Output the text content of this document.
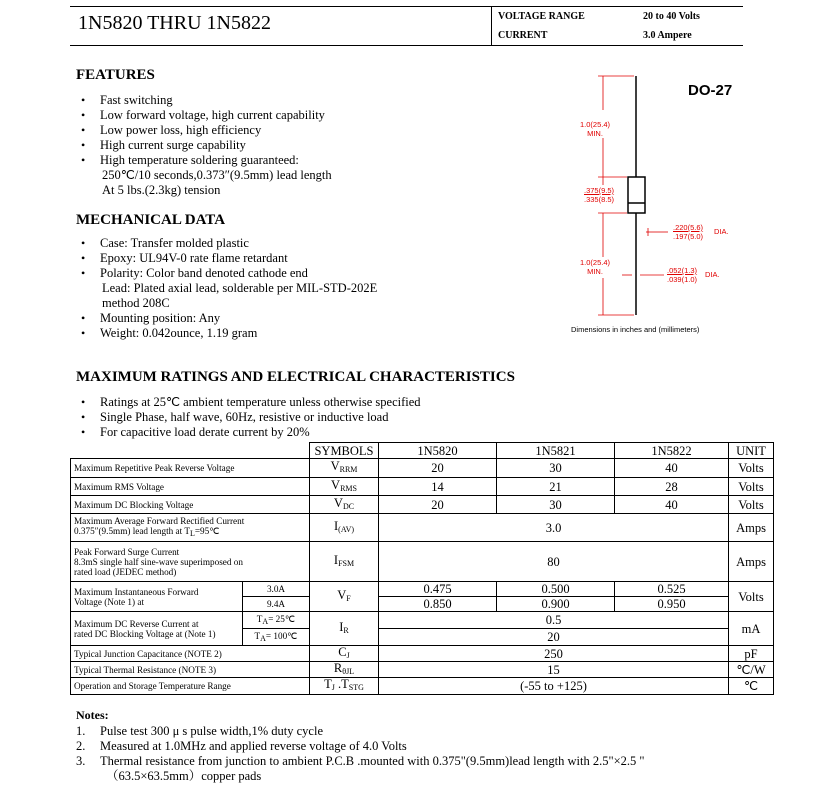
1N5820 THRU 1N5822	VOLTAGE RANGE	20 to 40 Volts
CURRENT	3.0 Ampere
FEATURES
• Fast switching
• Low forward voltage, high current capability
• Low power loss, high efficiency
• High current surge capability
• High temperature soldering guaranteed:
250℃/10 seconds,0.373″(9.5mm) lead length
At 5 lbs.(2.3kg) tension
MECHANICAL DATA
• Case: Transfer molded plastic
• Epoxy: UL94V-0 rate flame retardant
• Polarity: Color band denoted cathode end
Lead: Plated axial lead, solderable per MIL-STD-202E
method 208C
• Mounting position: Any
• Weight: 0.042ounce, 1.19 gram
DO-27
1.0(25.4)
MIN.
.375(9.5)
.335(8.5)
.220(5.6)
.197(5.0)
DIA.
1.0(25.4)
MIN.	.052(1.3)
.039(1.0)
DIA.
Dimensions in inches and (millimeters)
MAXIMUM RATINGS AND ELECTRICAL CHARACTERISTICS
• Ratings at 25℃ ambient temperature unless otherwise specified
• Single Phase, half wave, 60Hz, resistive or inductive load
• For capacitive load derate current by 20%
		SYMBOLS	1N5820	1N5821	1N5822	UNIT
Maximum Repetitive Peak Reverse Voltage		$V_{RRM}$	20	30	40	Volts
Maximum RMS Voltage		$V_{RMS}$	14	21	28	Volts
Maximum DC Blocking Voltage		$V_{DC}$	20	30	40	Volts

Maximum Average Forward Rectified Current
0.375″(9.5mm) lead length at $T_L=95℃$		$I_{(AV)}$	3.0			Amps

Peak Forward Surge Current
8.3mS single half sine-wave superimposed on
rated load (JEDEC method)		$I_{FSM}$	80			Amps

Maximum Instantaneous Forward
Voltage (Note 1) at	3.0A	$V_F$	0.475	0.500	0.525	Volts
	9.4A		0.850	0.900	0.950	

Maximum DC Reverse Current at
rated DC Blocking Voltage at (Note 1)	$T_A=$ 25℃	$I_R$	0.5			mA
	$T_A=$ 100℃		20			
Typical Junction Capacitance (NOTE 2)		$C_J$	250			pF
Typical Thermal Resistance (NOTE 3)		$R_{\theta JL}$	15			℃/W
Operation and Storage Temperature Range		$T_J$ $.T_{STG}$	(-55 to +125)			℃
Notes:
1. Pulse test 300 μ s pulse width,1% duty cycle
2. Measured at 1.0MHz and applied reverse voltage of 4.0 Volts
3. Thermal resistance from junction to ambient P.C.B .mounted with 0.375"(9.5mm)lead length with 2.5"×2.5 "
（63.5×63.5mm）copper pads
